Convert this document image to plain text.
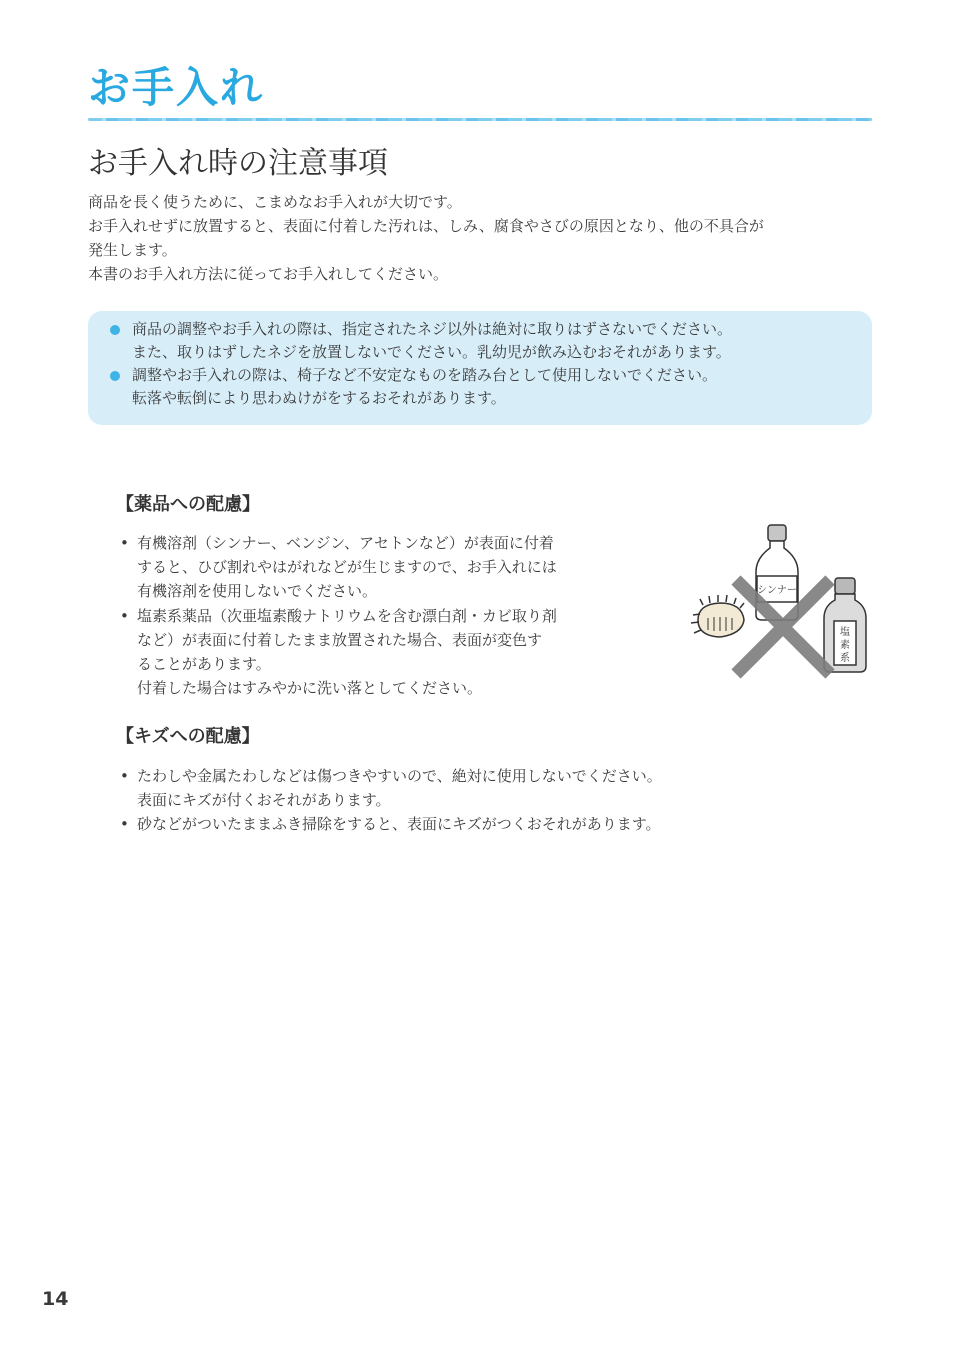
お手入れ
お手入れ時の注意事項

商品を長く使うために、こまめなお手入れが大切です。

お手入れせずに放置すると、表面に付着した汚れは、しみ、腐食やさびの原因となり、他の不具合が

発生します。

本書のお手入れ方法に従ってお手入れしてください。

商品の調整やお手入れの際は、指定されたネジ以外は絶対に取りはずさないでください。
また、取りはずしたネジを放置しないでください。乳幼児が飲み込むおそれがあります。
調整やお手入れの際は、椅子など不安定なものを踏み台として使用しないでください。
転落や転倒により思わぬけがをするおそれがあります。
【薬品への配慮】
• 有機溶剤（シンナー、ベンジン、アセトンなど）が表面に付着
すると、ひび割れやはがれなどが生じますので、お手入れには
有機溶剤を使用しないでください。
• 塩素系薬品（次亜塩素酸ナトリウムを含む漂白剤・カビ取り剤
など）が表面に付着したまま放置された場合、表面が変色す
ることがあります。
付着した場合はすみやかに洗い落としてください。
シンナー
塩
素
系
【キズへの配慮】
• たわしや金属たわしなどは傷つきやすいので、絶対に使用しないでください。
表面にキズが付くおそれがあります。
• 砂などがついたままふき掃除をすると、表面にキズがつくおそれがあります。
14
